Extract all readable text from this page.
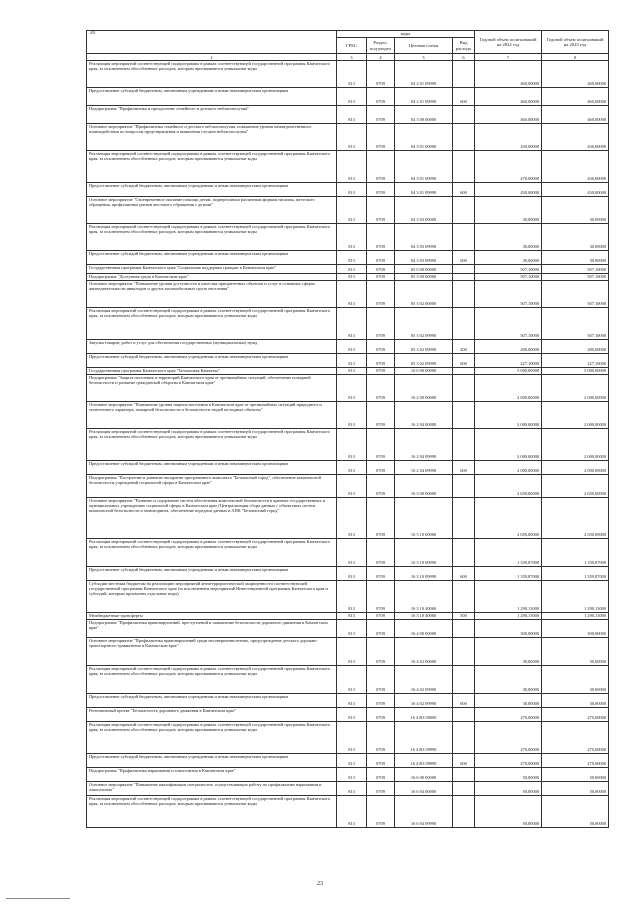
20	коды				Годовой объем ассигнований на 2022 год	Годовой объем ассигнований на 2023 год
	ГРБС	Раздел, под-раздел	Целевая статья	Вид расхода		
2	3	4	5	6	7	8
Реализация мероприятий соответствующей подпрограммы в рамках соответствующей государственной программы Камчатского края, за исключением обособленных расходов, которым присваиваются уникальные коды	813	0709	04 2 01 09990		460,00000	460,00000
Предоставление субсидий бюджетным, автономным учреждениям и иным некоммерческим организациям	813	0709	04 2 01 09990	600	460,00000	460,00000
Подпрограмма "Профилактика и преодоление семейного и детского неблагополучия"	813	0709	04 3 00 00000		460,00000	460,00000
Основное мероприятие "Профилактика семейного и детского неблагополучия, повышение уровня межведомственного взаимодействия по вопросам предотвращения и выявления случаев неблагополучия"	813	0709	04 3 01 00000		430,00000	430,00000
Реализация мероприятий соответствующей подпрограммы в рамках соответствующей государственной программы Камчатского края, за исключением обособленных расходов, которым присваиваются уникальные коды	813	0709	04 3 01 09990		470,00000	430,00000
Предоставление субсидий бюджетным, автономным учреждениям и иным некоммерческим организациям	813	0709	04 3 01 09990	600	430,00000	430,00000
Основное мероприятие "Своевременное оказание помощи детям, подвергшимся различным формам насилия, жестокого обращения, профилактика рисков жестокого обращения с детьми"	813	0709	04 3 03 00000		30,00000	30,00000
Реализация мероприятий соответствующей подпрограммы в рамках соответствующей государственной программы Камчатского края, за исключением обособленных расходов, которым присваиваются уникальные коды	813	0709	04 3 03 09990		30,00000	30,00000
Предоставление субсидий бюджетным, автономным учреждениям и иным некоммерческим организациям	813	0709	04 3 03 09990	600	30,00000	30,00000
Государственная программа Камчатского края "Социальная поддержка граждан в Камчатском крае"	813	0709	05 0 00 00000		507,10000	507,10000
Подпрограмма "Доступная среда в Камчатском крае"	813	0709	05 3 00 00000		507,10000	507,10000
Основное мероприятие "Повышение уровня доступности и качества приоритетных объектов и услуг в основных сферах жизнедеятельности инвалидов и других маломобильных групп населения"	813	0709	05 3 02 00000		507,10000	507,10000
Реализация мероприятий соответствующей подпрограммы в рамках соответствующей государственной программы Камчатского края, за исключением обособленных расходов, которым присваиваются уникальные коды	813	0709	05 3 02 09990		507,10000	507,10000
Закупка товаров, работ и услуг для обеспечения государственных (муниципальных) нужд	813	0709	05 3 02 09990	200	280,00000	280,00000
Предоставление субсидий бюджетным, автономным учреждениям и иным некоммерческим организациям	813	0709	05 3 02 09990	600	227,10000	227,10000
Государственная программа Камчатского края "Безопасная Камчатка"	813	0709	16 0 00 00000		5 000,00000	5 000,00000
Подпрограмма "Защита населения и территорий Камчатского края от чрезвычайных ситуаций, обеспечение пожарной безопасности и развитие гражданской обороны в Камчатском крае"	813	0709	16 2 00 00000		2 000,00000	2 000,00000
Основное мероприятие "Повышение уровня защиты населения в Камчатском крае от чрезвычайных ситуаций природного и техногенного характера, пожарной безопасности и безопасности людей на водных объектах"	813	0709	16 2 04 00000		2 000,00000	2 000,00000
Реализация мероприятий соответствующей подпрограммы в рамках соответствующей государственной программы Камчатского края, за исключением обособленных расходов, которым присваиваются уникальные коды	813	0709	16 2 04 09990		2 000,00000	2 000,00000
Предоставление субсидий бюджетным, автономным учреждениям и иным некоммерческим организациям	813	0709	16 2 04 09990	600	2 000,00000	2 000,00000
Подпрограмма "Построение и развитие аппаратно-программного комплекса "Безопасный город", обеспечение комплексной безопасности учреждений социальной сферы в Камчатском крае"	813	0709	16 3 00 00000		2 650,00000	2 650,00000
Основное мероприятие "Развитие и содержание систем обеспечения комплексной безопасности в краевых государственных и муниципальных учреждениях социальной сферы в Камчатском крае (Централизация сбора данных с объектовых систем комплексной безопасности и мониторинга, обеспечение передачи данных в АПК "Безопасный город"	813	0709	16 3 10 00000		2 650,00000	2 650,00000
Реализация мероприятий соответствующей подпрограммы в рамках соответствующей государственной программы Камчатского края, за исключением обособленных расходов, которым присваиваются уникальные коды	813	0709	16 3 10 09990		1 359,87000	1 359,87000
Предоставление субсидий бюджетным, автономным учреждениям и иным некоммерческим организациям	813	0709	16 3 10 09990	600	1 359,87000	1 359,87000
Субсидии местным бюджетам на реализацию мероприятий антитеррористической защищенности соответствующей государственной программы Камчатского края (за исключением мероприятий Инвестиционной программы Камчатского края и субсидий, которым присвоены отдельные коды)	813	0709	16 3 10 40060		1 290,13000	1 290,13000
Межбюджетные трансферты	813	0709	16 3 10 40060	500	1 290,13000	1 290,13000
Подпрограмма "Профилактика правонарушений, преступлений и повышение безопасности дорожного движения в Камчатском крае"	813	0709	16 4 00 00000		300,00000	300,00000
Основное мероприятие "Профилактика правонарушений среди несовершеннолетних, предупреждение детского дорожно-транспортного травматизма в Камчатском крае"	813	0709	16 4 02 00000		30,00000	30,00000
Реализация мероприятий соответствующей подпрограммы в рамках соответствующей государственной программы Камчатского края, за исключением обособленных расходов, которым присваиваются уникальные коды	813	0709	16 4 02 09990		30,00000	30,00000
Предоставление субсидий бюджетным, автономным учреждениям и иным некоммерческим организациям	813	0709	16 4 02 09990	600	30,00000	30,00000
Региональный проект "Безопасность дорожного движения в Камчатском крае"	813	0709	16 4 R3 00000		270,00000	270,00000
Реализация мероприятий соответствующей подпрограммы в рамках соответствующей государственной программы Камчатского края, за исключением обособленных расходов, которым присваиваются уникальные коды	813	0709	16 4 R3 09990		270,00000	270,00000
Предоставление субсидий бюджетным, автономным учреждениям и иным некоммерческим организациям	813	0709	16 4 R3 09990	600	270,00000	270,00000
Подпрограмма "Профилактика наркомании и алкоголизма в Камчатском крае"	813	0709	16 6 00 00000		50,00000	50,00000
Основное мероприятие "Повышение квалификации специалистов, осуществляющих работу по профилактике наркомании и алкоголизма"	813	0709	16 6 04 00000		50,00000	50,00000
Реализация мероприятий соответствующей подпрограммы в рамках соответствующей государственной программы Камчатского края, за исключением обособленных расходов, которым присваиваются уникальные коды	813	0709	16 6 04 09990		50,00000	50,00000
23
